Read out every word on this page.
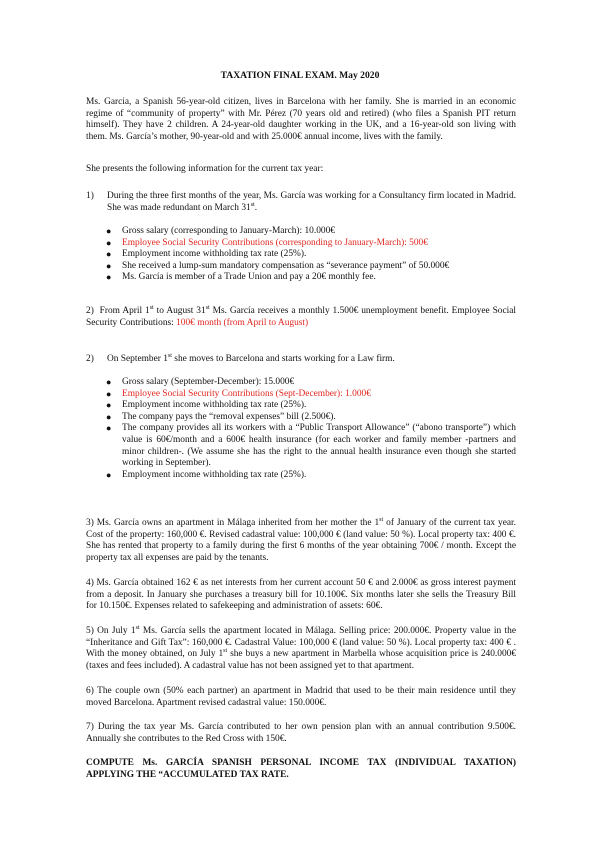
TAXATION FINAL EXAM. May 2020
Ms. Garcia, a Spanish 56-year-old citizen, lives in Barcelona with her family. She is married in an economic regime of “community of property” with Mr. Pérez (70 years old and retired) (who files a Spanish PIT return himself). They have 2 children. A 24-year-old daughter working in the UK, and a 16-year-old son living with them. Ms. García’s mother, 90-year-old and with 25.000€ annual income, lives with the family.
She presents the following information for the current tax year:
1) During the three first months of the year, Ms. García was working for a Consultancy firm located in Madrid. She was made redundant on March 31st.
● Gross salary (corresponding to January-March): 10.000€
● Employee Social Security Contributions (corresponding to January-March): 500€
● Employment income withholding tax rate (25%).
● She received a lump-sum mandatory compensation as “severance payment” of 50.000€
● Ms. García is member of a Trade Union and pay a 20€ monthly fee.
2) From April 1st to August 31st Ms. García receives a monthly 1.500€ unemployment benefit. Employee Social Security Contributions: 100€ month (from April to August)
2) On September 1st she moves to Barcelona and starts working for a Law firm.
● Gross salary (September-December): 15.000€
● Employee Social Security Contributions (Sept-December): 1.000€
● Employment income withholding tax rate (25%).
● The company pays the “removal expenses” bill (2.500€).
● The company provides all its workers with a “Public Transport Allowance” (“abono transporte”) which value is 60€/month and a 600€ health insurance (for each worker and family member -partners and minor children-. (We assume she has the right to the annual health insurance even though she started working in September).
● Employment income withholding tax rate (25%).
3) Ms. García owns an apartment in Málaga inherited from her mother the 1st of January of the current tax year. Cost of the property: 160,000 €. Revised cadastral value: 100,000 € (land value: 50 %). Local property tax: 400 €. She has rented that property to a family during the first 6 months of the year obtaining 700€ / month. Except the property tax all expenses are paid by the tenants.
4) Ms. García obtained 162 € as net interests from her current account 50 € and 2.000€ as gross interest payment from a deposit. In January she purchases a treasury bill for 10.100€. Six months later she sells the Treasury Bill for 10.150€. Expenses related to safekeeping and administration of assets: 60€.
5) On July 1st Ms. García sells the apartment located in Málaga. Selling price: 200.000€. Property value in the “Inheritance and Gift Tax”: 160,000 €. Cadastral Value: 100,000 € (land value: 50 %). Local property tax: 400 € . With the money obtained, on July 1st she buys a new apartment in Marbella whose acquisition price is 240.000€ (taxes and fees included). A cadastral value has not been assigned yet to that apartment.
6) The couple own (50% each partner) an apartment in Madrid that used to be their main residence until they moved Barcelona. Apartment revised cadastral value: 150.000€.
7) During the tax year Ms. García contributed to her own pension plan with an annual contribution 9.500€. Annually she contributes to the Red Cross with 150€.
COMPUTE Ms. GARCÍA SPANISH PERSONAL INCOME TAX (INDIVIDUAL TAXATION) APPLYING THE “ACCUMULATED TAX RATE.
